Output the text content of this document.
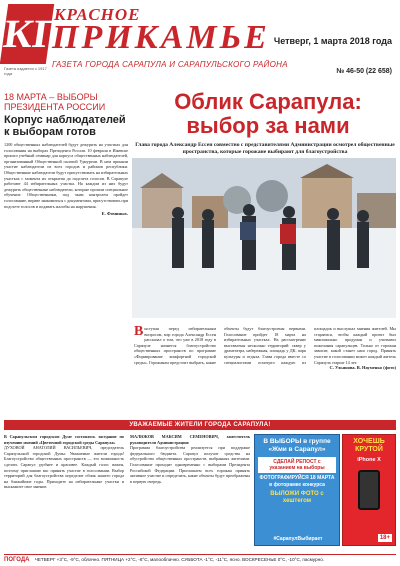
КП
КРАСНОЕ
ПРИКАМЬЕ Четверг, 1 марта 2018 года
ГАЗЕТА ГОРОДА САРАПУЛА И САРАПУЛЬСКОГО РАЙОНА
№ 46-50 (22 658)
Газета издается с 1917 года
18 МАРТА – ВЫБОРЫ ПРЕЗИДЕНТА РОССИИ
Корпус наблюдателей к выборам готов
1200 общественных наблюдателей будут дежурить на участках для голосования на выборах Президента России. 10 февраля в Ижевске прошел учебный семинар для корпуса общественных наблюдателей, организованный Общественной палатой Удмуртии. В нем приняли участие наблюдатели из всех городов и районов республики. Общественные наблюдатели будут присутствовать на избирательных участках с момента их открытия до подсчета голосов. В Сарапуле работают 44 избирательных участка. На каждом из них будут дежурить общественные наблюдатели, которые прошли специальное обучение. Общественники, под чьим контролем пройдет голосование, вправе знакомиться с документами, присутствовать при подсчете голосов и подавать жалобы на нарушения.
Е. Фоминых.
Облик Сарапула: выбор за нами
Глава города Александр Ессен совместно с представителями Администрации осмотрел общественные пространства, которые горожане выбирают для благоустройства
В ыступая перед избирательным вопросом, мэр города Александр Ессен рассказал о том, что уже в 2018 году в Сарапуле начнется благоустройство общественных пространств по программе «Формирование комфортной городской среды». Горожанам предстоит выбрать, какие объекты будут благоустроены первыми. Голосование пройдет 18 марта на избирательных участках. На рассмотрение выставлены несколько территорий: сквер у драмтеатра, набережная, площадь у ДК, парк культуры и отдыха. Глава города вместе со специалистами осмотрел каждую из площадок и выслушал мнения жителей. Мы стараемся, чтобы каждый проект был максимально продуман и учитывал пожелания сарапульцев. Только от горожан зависит, какой станет наш город. Принять участие в голосовании может каждый житель Сарапула старше 14 лет.
С. Ульянова. В. Науменко (фото)
УВАЖАЕМЫЕ ЖИТЕЛИ ГОРОДА САРАПУЛА!
В Сарапульском городском Думе состоялось заседание по изучению мнений «Цветочной городской среды Сарапула»
ДУХОВОЙ АНАТОЛИЙ ВАСИЛЬЕВИЧ, председатель Сарапульской городской Думы: Уважаемые жители города! Благоустройство общественных пространств — это возможность сделать Сарапул удобнее и красивее. Каждый голос важен, поэтому приглашаю вас принять участие в голосовании. Выбор территорий для благоустройства определит облик нашего города на ближайшие годы. Приходите на избирательные участки и выскажите свое мнение.
МАЛЮКОВ МАКСИМ СЕМЕНОВИЧ, заместитель руководителя Администрации:
Программа благоустройства реализуется при поддержке федерального бюджета. Сарапул получит средства на обустройство общественных пространств, выбранных жителями. Голосование проходит одновременно с выборами Президента Российской Федерации. Приглашаем всех горожан принять активное участие и определить, какие объекты будут преображены в первую очередь.
В ВЫБОРЫ в группе «Жми в Сарапул»
СДЕЛАЙ РЕПОСТ с указанием на выборы
ФОТОГРАФИРУЙСЯ 18 МАРТА в фоторамке конкурса
ВЫЛОЖИ ФОТО с хештегом
#СарапулВыбирает
ХОЧЕШЬ КРУТОЙ
iPhone X
18+
ПОГОДА ЧЕТВЕРГ +3°С, -9°С, облачно. ПЯТНИЦА +2°С, -8°С, малооблачно. СУББОТА -1°С, -11°С, ясно. ВОСКРЕСЕНЬЕ 0°С, -10°С, пасмурно.
